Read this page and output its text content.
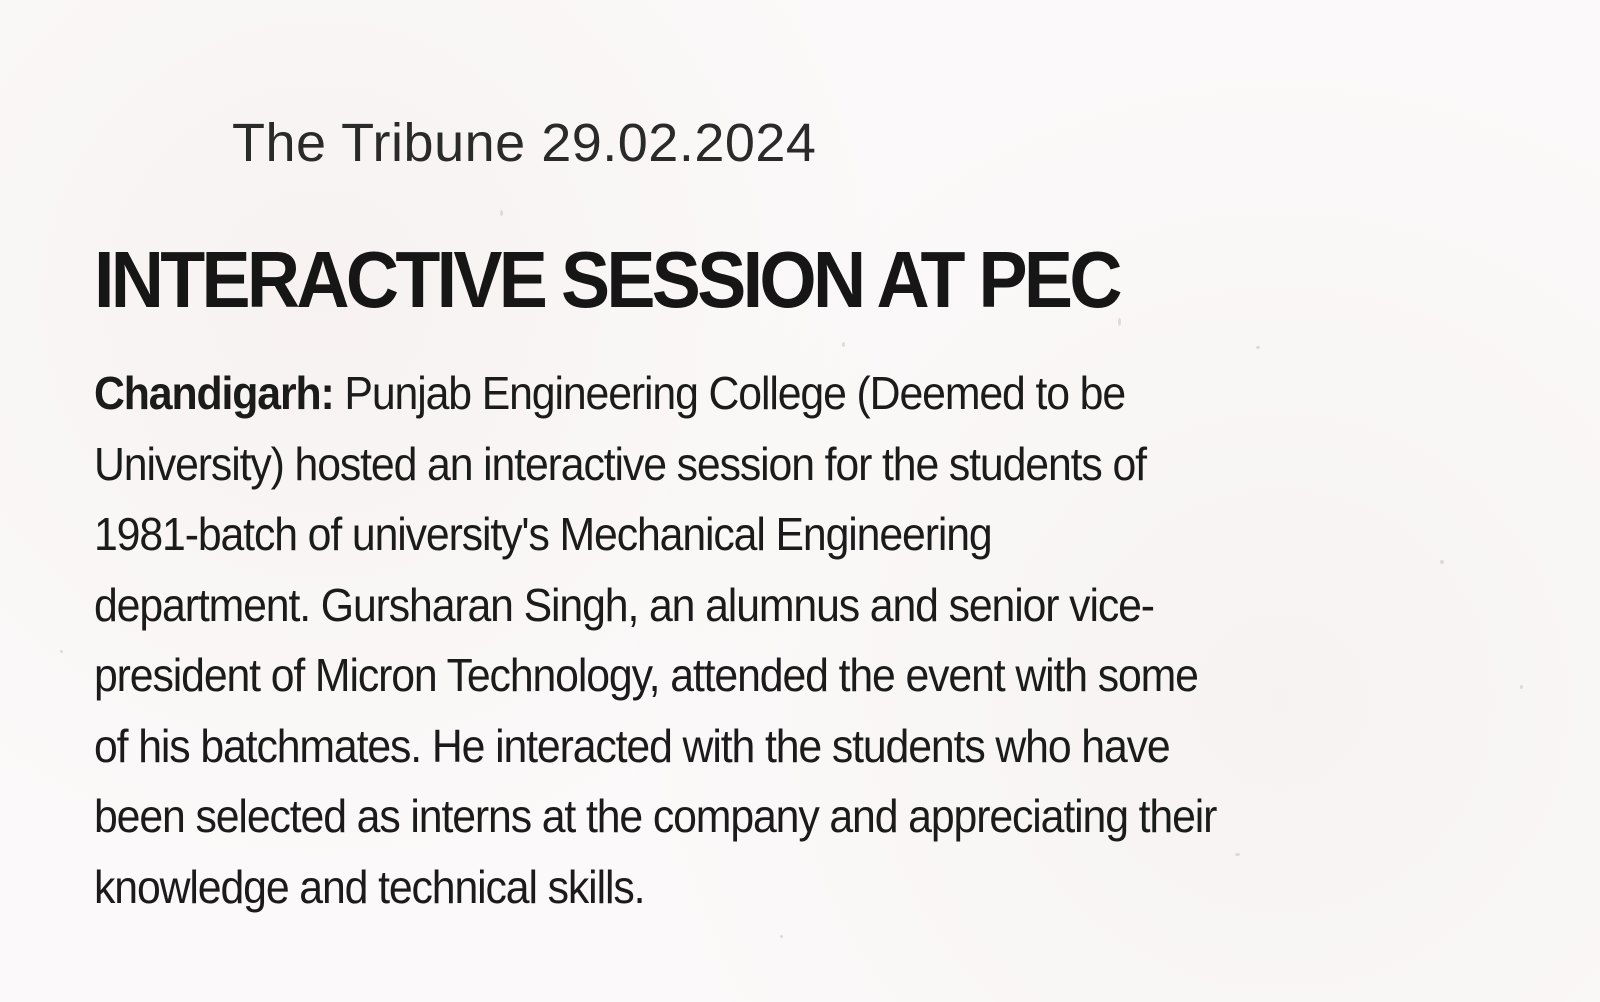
The Tribune 29.02.2024
INTERACTIVE SESSION AT PEC
Chandigarh: Punjab Engineering College (Deemed to be
University) hosted an interactive session for the students of
1981-batch of university's Mechanical Engineering
department. Gursharan Singh, an alumnus and senior vice-
president of Micron Technology, attended the event with some
of his batchmates. He interacted with the students who have
been selected as interns at the company and appreciating their
knowledge and technical skills.
